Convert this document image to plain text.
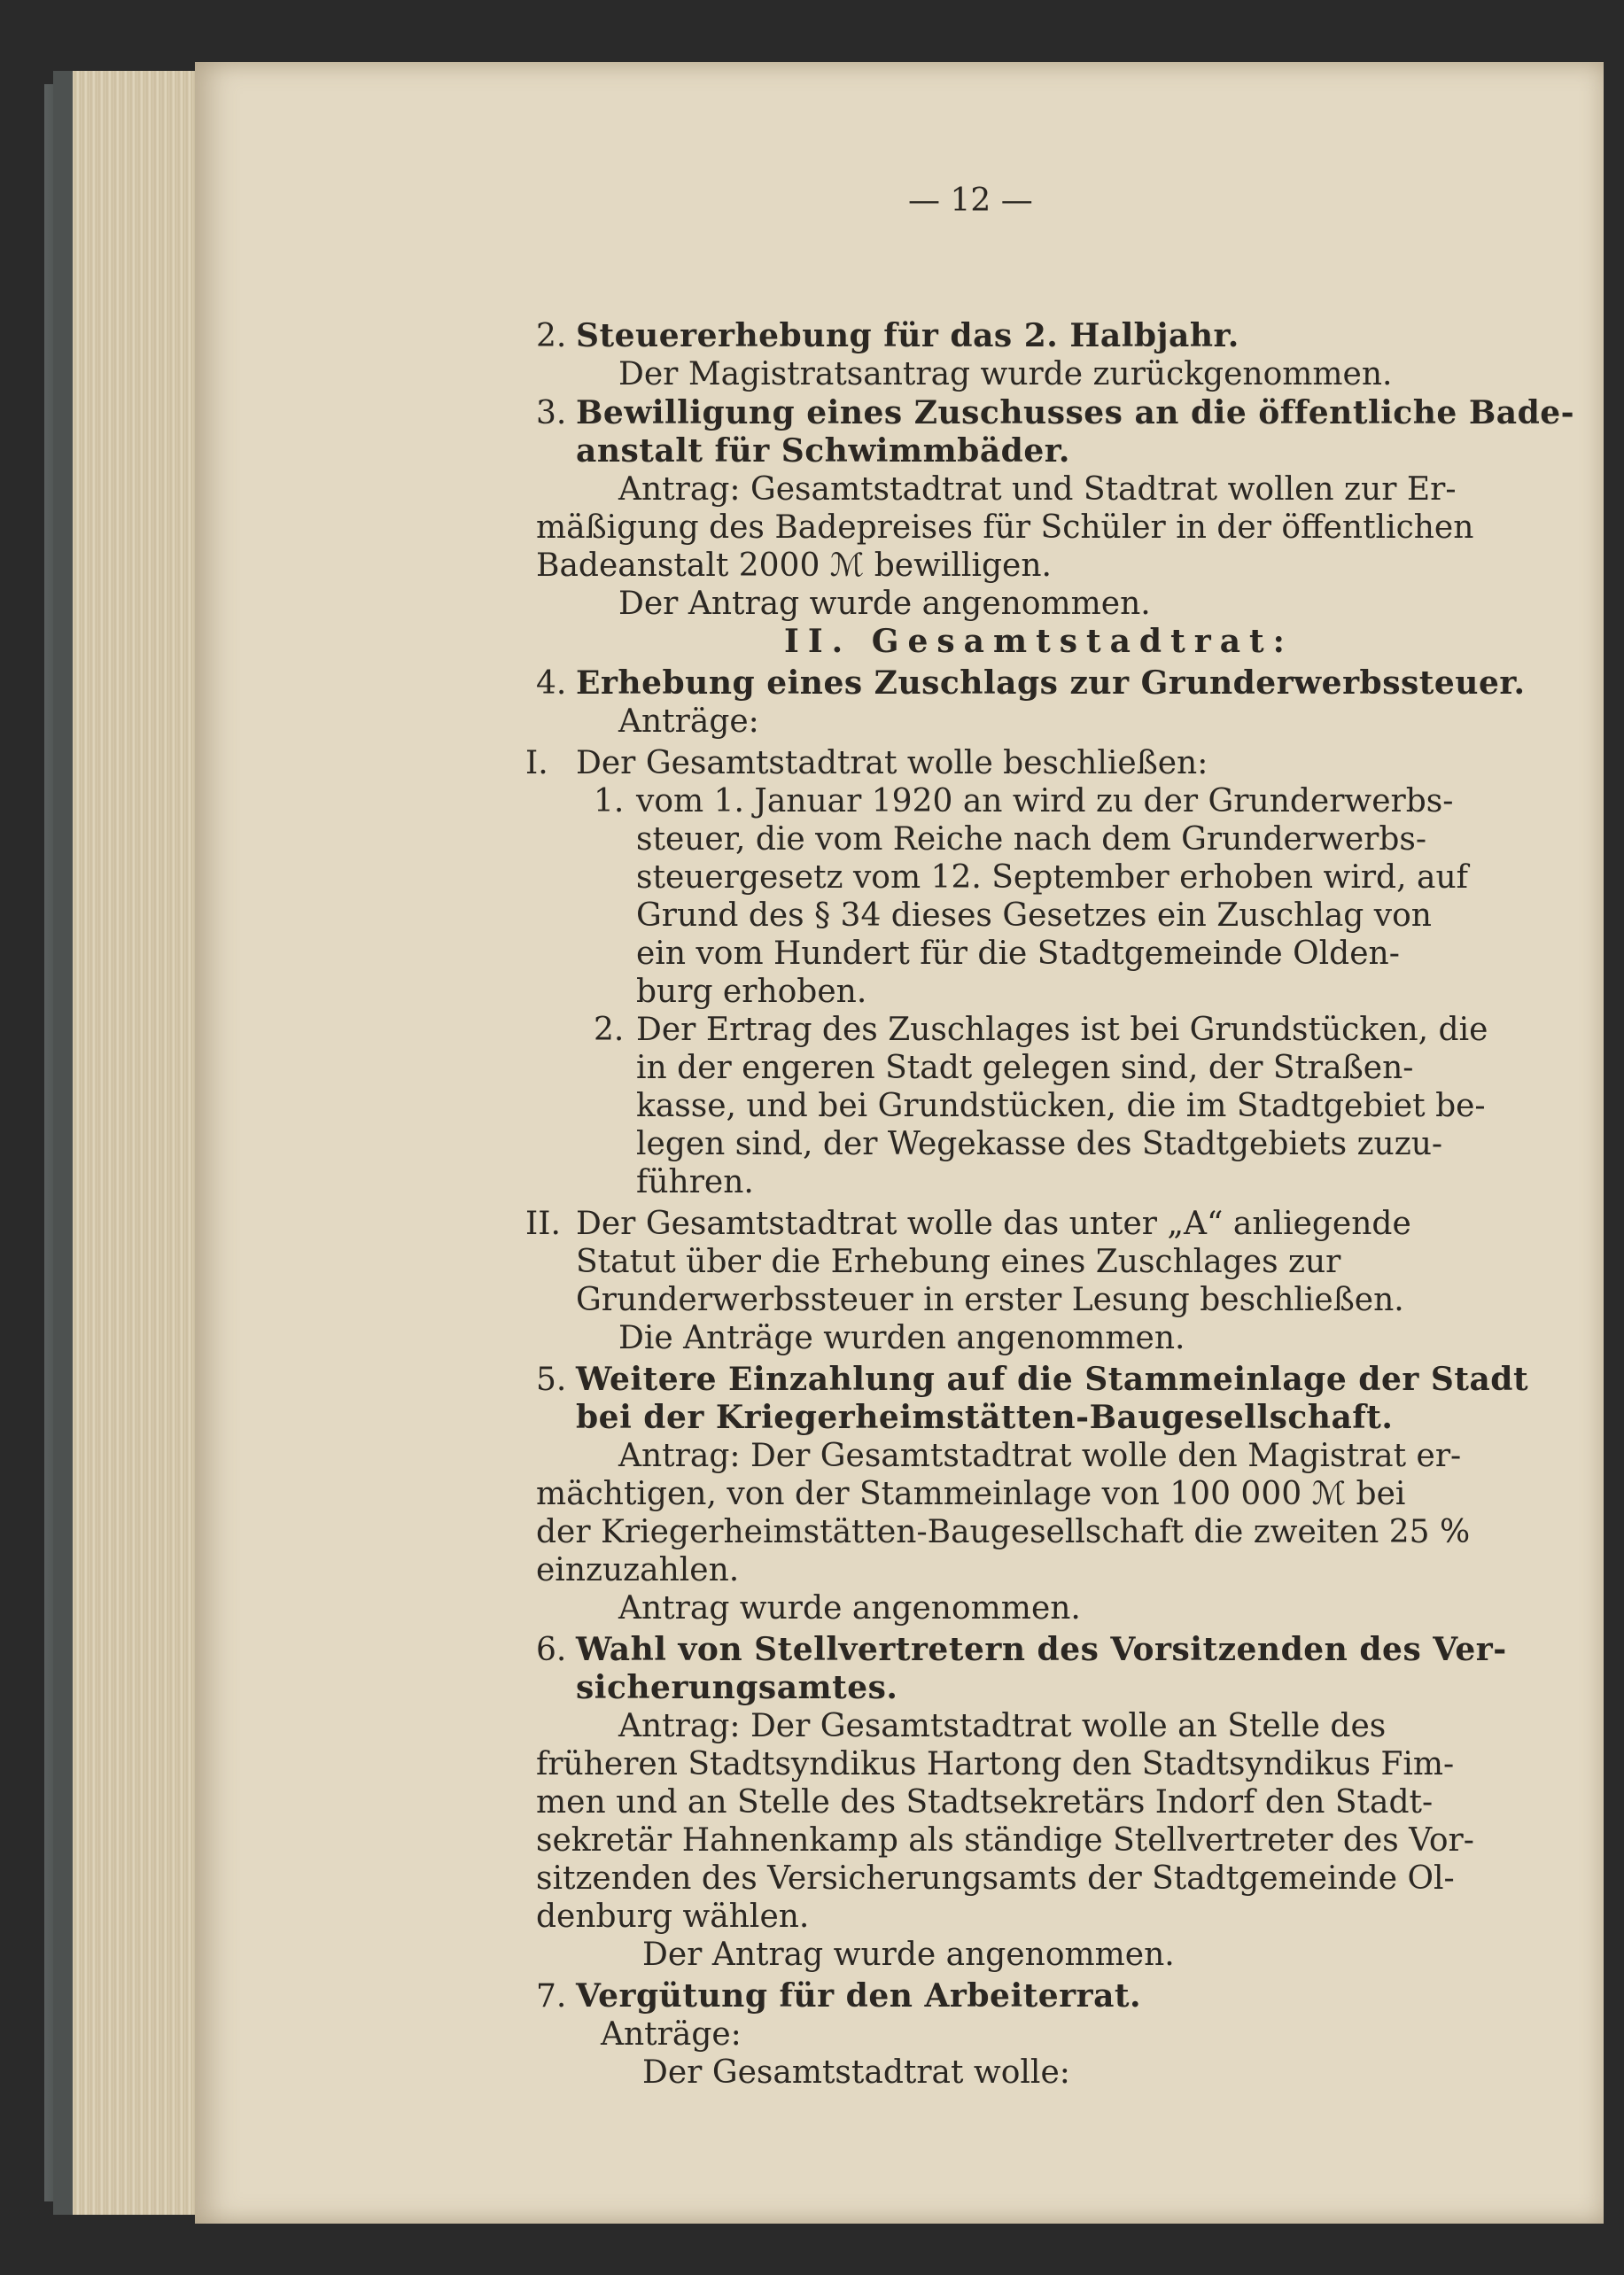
— 12 —
2. Steuererhebung für das 2. Halbjahr.
Der Magistratsantrag wurde zurückgenommen.
3. Bewilligung eines Zuschusses an die öffentliche Bade-
anstalt für Schwimmbäder.
Antrag: Gesamtstadtrat und Stadtrat wollen zur Er-
mäßigung des Badepreises für Schüler in der öffentlichen
Badeanstalt 2000 ℳ bewilligen.
Der Antrag wurde angenommen.
II. Gesamtstadtrat:
4. Erhebung eines Zuschlags zur Grunderwerbssteuer.
Anträge:
I. Der Gesamtstadtrat wolle beschließen:
1. vom 1. Januar 1920 an wird zu der Grunderwerbs-
steuer, die vom Reiche nach dem Grunderwerbs-
steuergesetz vom 12. September erhoben wird, auf
Grund des § 34 dieses Gesetzes ein Zuschlag von
ein vom Hundert für die Stadtgemeinde Olden-
burg erhoben.
2. Der Ertrag des Zuschlages ist bei Grundstücken, die
in der engeren Stadt gelegen sind, der Straßen-
kasse, und bei Grundstücken, die im Stadtgebiet be-
legen sind, der Wegekasse des Stadtgebiets zuzu-
führen.
II. Der Gesamtstadtrat wolle das unter „A“ anliegende
Statut über die Erhebung eines Zuschlages zur
Grunderwerbssteuer in erster Lesung beschließen.
Die Anträge wurden angenommen.
5. Weitere Einzahlung auf die Stammeinlage der Stadt
bei der Kriegerheimstätten-Baugesellschaft.
Antrag: Der Gesamtstadtrat wolle den Magistrat er-
mächtigen, von der Stammeinlage von 100 000 ℳ bei
der Kriegerheimstätten-Baugesellschaft die zweiten 25 %
einzuzahlen.
Antrag wurde angenommen.
6. Wahl von Stellvertretern des Vorsitzenden des Ver-
sicherungsamtes.
Antrag: Der Gesamtstadtrat wolle an Stelle des
früheren Stadtsyndikus Hartong den Stadtsyndikus Fim-
men und an Stelle des Stadtsekretärs Indorf den Stadt-
sekretär Hahnenkamp als ständige Stellvertreter des Vor-
sitzenden des Versicherungsamts der Stadtgemeinde Ol-
denburg wählen.
Der Antrag wurde angenommen.
7. Vergütung für den Arbeiterrat.
Anträge:
Der Gesamtstadtrat wolle:
